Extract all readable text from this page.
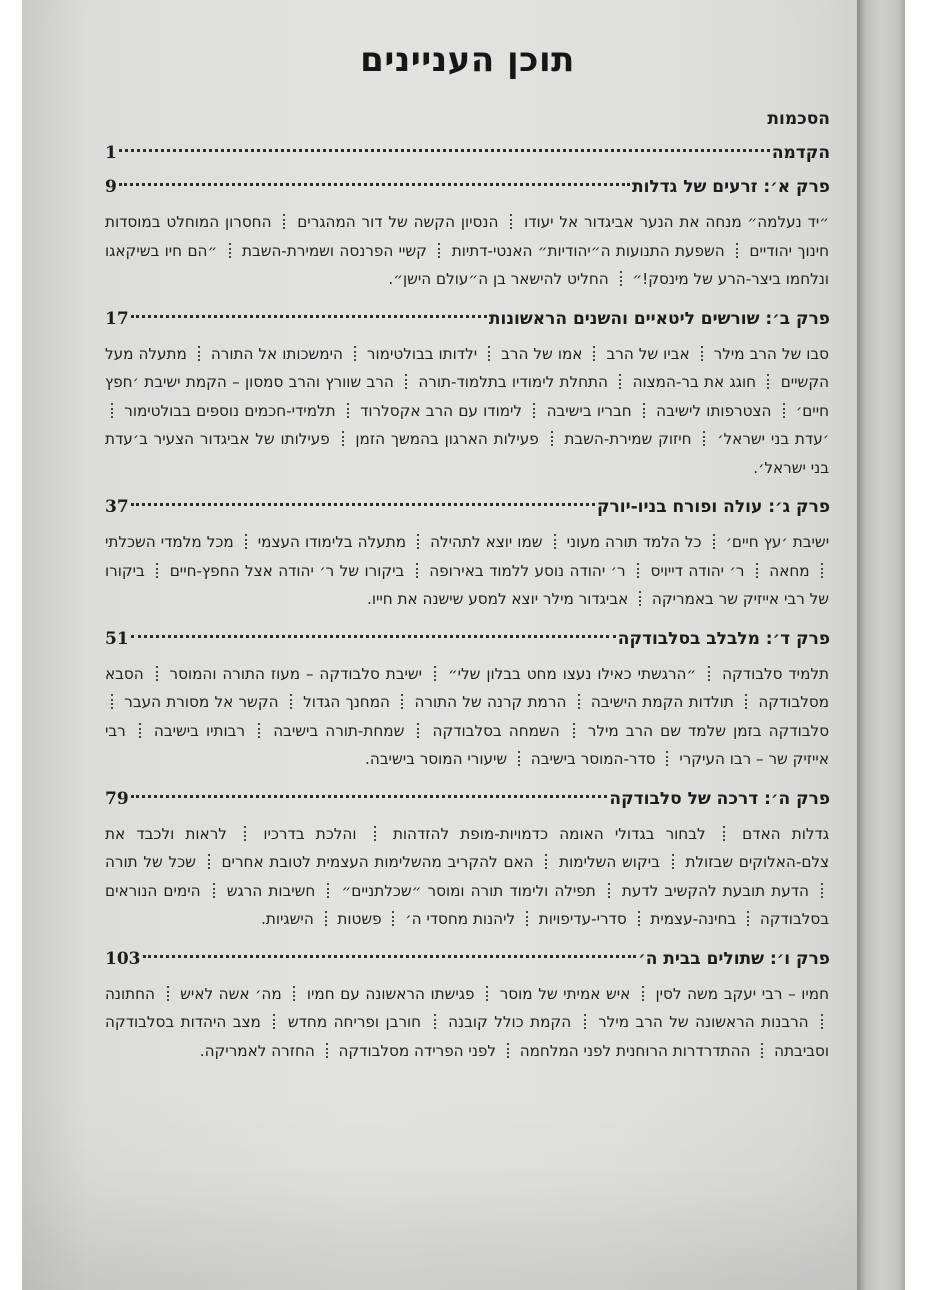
תוכן העניינים
הסכמות
הקדמה
1
פרק א׳: זרעים של גדלות
9
״יד נעלמה״ מנחה את הנער אביגדור אל יעודו  הנסיון הקשה של דור המהגרים  החסרון המוחלט במוסדות חינוך יהודיים  השפעת התנועות ה״יהודיות״ האנטי-דתיות  קשיי הפרנסה ושמירת-השבת  ״הם חיו בשיקאגו ונלחמו ביצר-הרע של מינסק!״  החליט להישאר בן ה״עולם הישן״.
פרק ב׳: שורשים ליטאיים והשנים הראשונות
17
סבו של הרב מילר  אביו של הרב  אמו של הרב  ילדותו בבולטימור  הימשכותו אל התורה  מתעלה מעל הקשיים  חוגג את בר-המצוה  התחלת לימודיו בתלמוד-תורה  הרב שוורץ והרב סמסון – הקמת ישיבת ׳חפץ חיים׳  הצטרפותו לישיבה  חבריו בישיבה  לימודו עם הרב אקסלרוד  תלמידי-חכמים נוספים בבולטימור  ׳עדת בני ישראל׳  חיזוק שמירת-השבת  פעילות הארגון בהמשך הזמן  פעילותו של אביגדור הצעיר ב׳עדת בני ישראל׳.
פרק ג׳: עולה ופורח בניו-יורק
37
ישיבת ׳עץ חיים׳  כל הלמד תורה מעוני  שמו יוצא לתהילה  מתעלה בלימודו העצמי  מכל מלמדי השכלתי  מחאה  ר׳ יהודה דייויס  ר׳ יהודה נוסע ללמוד באירופה  ביקורו של ר׳ יהודה אצל החפץ-חיים  ביקורו של רבי אייזיק שר באמריקה  אביגדור מילר יוצא למסע שישנה את חייו.
פרק ד׳: מלבלב בסלבודקה
51
תלמיד סלבודקה  ״הרגשתי כאילו נעצו מחט בבלון שלי״  ישיבת סלבודקה – מעוז התורה והמוסר  הסבא מסלבודקה  תולדות הקמת הישיבה  הרמת קרנה של התורה  המחנך הגדול  הקשר אל מסורת העבר  סלבודקה בזמן שלמד שם הרב מילר  השמחה בסלבודקה  שמחת-תורה בישיבה  רבותיו בישיבה  רבי אייזיק שר – רבו העיקרי  סדר-המוסר בישיבה  שיעורי המוסר בישיבה.
פרק ה׳: דרכה של סלבודקה
79
גדלות האדם  לבחור בגדולי האומה כדמויות-מופת להזדהות  והלכת בדרכיו  לראות ולכבד את צלם-האלוקים שבזולת  ביקוש השלימות  האם להקריב מהשלימות העצמית לטובת אחרים  שכל של תורה  הדעת תובעת להקשיב לדעת  תפילה ולימוד תורה ומוסר ״שכלתניים״  חשיבות הרגש  הימים הנוראים בסלבודקה  בחינה-עצמית  סדרי-עדיפויות  ליהנות מחסדי ה׳  פשטות  הישגיות.
פרק ו׳: שתולים בבית ה׳
103
חמיו – רבי יעקב משה לסין  איש אמיתי של מוסר  פגישתו הראשונה עם חמיו  מה׳ אשה לאיש  החתונה  הרבנות הראשונה של הרב מילר  הקמת כולל קובנה  חורבן ופריחה מחדש  מצב היהדות בסלבודקה וסביבתה  ההתדרדרות הרוחנית לפני המלחמה  לפני הפרידה מסלבודקה  החזרה לאמריקה.
